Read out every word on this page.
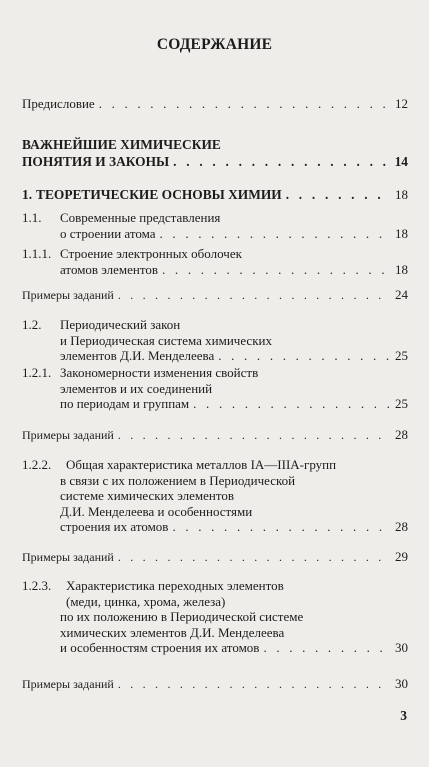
СОДЕРЖАНИЕ
Предисловие . . .	12
ВАЖНЕЙШИЕ ХИМИЧЕСКИЕ
ПОНЯТИЯ И ЗАКОНЫ . . .	14
1. ТЕОРЕТИЧЕСКИЕ ОСНОВЫ ХИМИИ . . .	18
1.1.	Современные представления
о строении атома . . .	18
1.1.1. Строение электронных оболочек
атомов элементов . . .	18
Примеры заданий . . .	24
1.2.	Периодический закон
и Периодическая система химических
элементов Д.И. Менделеева . . .	25
1.2.1. Закономерности изменения свойств
элементов и их соединений
по периодам и группам . . .	25
Примеры заданий . . .	28
1.2.2.	Общая характеристика металлов IA—IIIA-групп
в связи с их положением в Периодической
системе химических элементов
Д.И. Менделеева и особенностями
строения их атомов . . .	28
Примеры заданий . . .	29
1.2.3.	Характеристика переходных элементов
(меди, цинка, хрома, железа)
по их положению в Периодической системе
химических элементов Д.И. Менделеева
и особенностям строения их атомов . . .	30
Примеры заданий . . .	30
3
